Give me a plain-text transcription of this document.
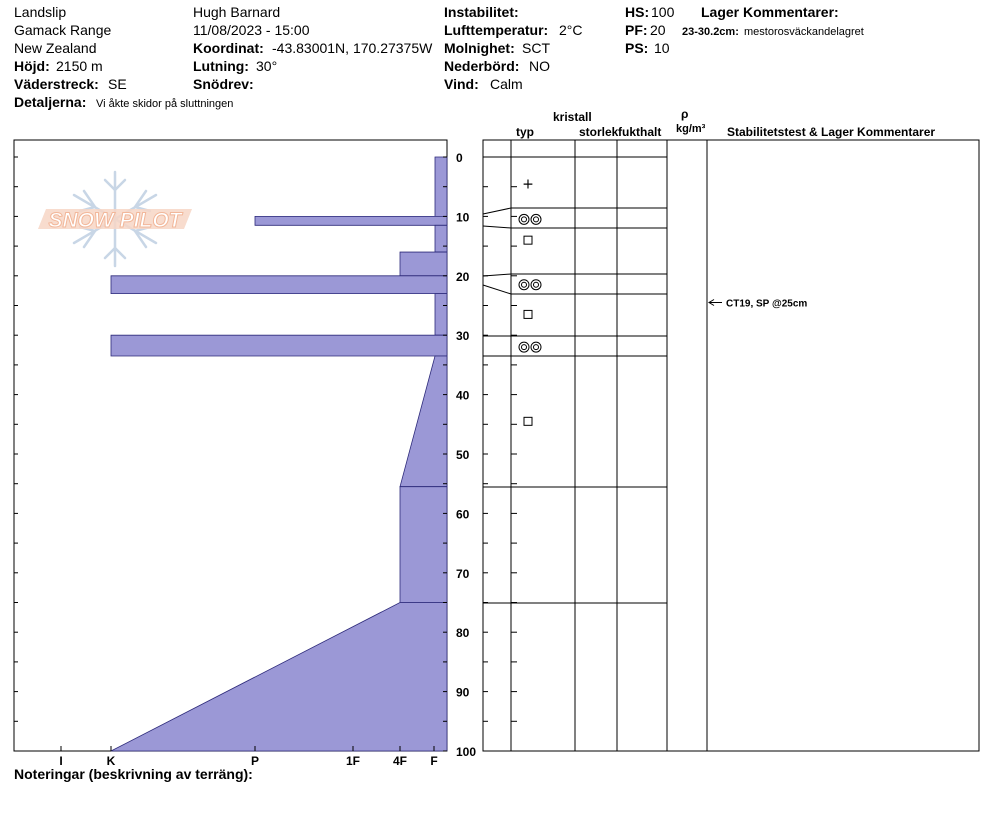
Landslip
Gamack Range
New Zealand
Höjd: 2150 m
Väderstreck: SE
Detaljerna: Vi åkte skidor på sluttningen
Hugh Barnard
11/08/2023 - 15:00
Koordinat: -43.83001N, 170.27375W
Lutning: 30°
Snödrev:
Instabilitet:
Lufttemperatur: 2°C
Molnighet: SCT
Nederbörd: NO
Vind: Calm
HS: 100
PF: 20
PS: 10
Lager Kommentarer:
23-30.2cm: mestorosväckandelagret
kristall
typ	storlek fukthalt
ρ
kg/m³ Stabilitetstest & Lager Kommentarer
SNOW PILOT
I	K	P	1F	4F F
0
10
20
30
40
50
60
70
80
90
100
+
CT19, SP @25cm
Noteringar (beskrivning av terräng):
